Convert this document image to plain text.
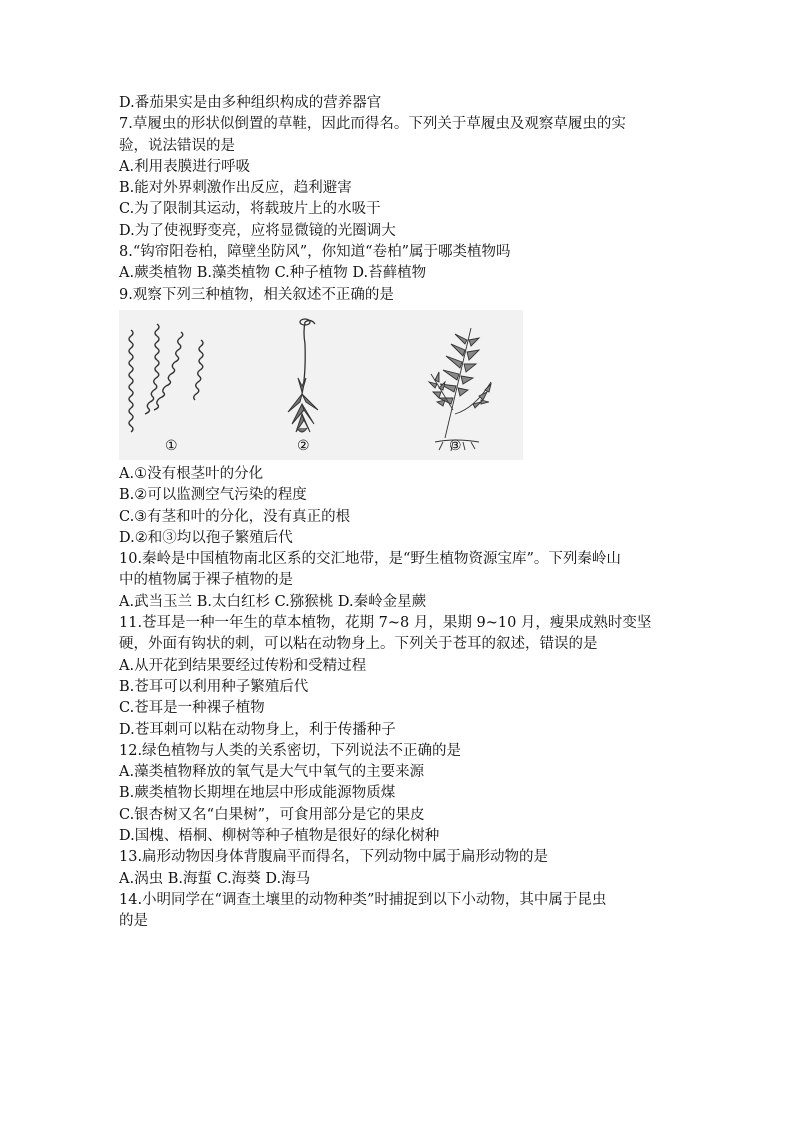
D.番茄果实是由多种组织构成的营养器官
7.草履虫的形状似倒置的草鞋，因此而得名。下列关于草履虫及观察草履虫的实
验，说法错误的是
A.利用表膜进行呼吸
B.能对外界刺激作出反应，趋利避害
C.为了限制其运动，将载玻片上的水吸干
D.为了使视野变亮，应将显微镜的光圈调大
8.“钩帘阳卷柏，障壁坐防风”，你知道“卷柏”属于哪类植物吗
A.蕨类植物 B.藻类植物 C.种子植物 D.苔藓植物
9.观察下列三种植物，相关叙述不正确的是
①	②	③
A.①没有根茎叶的分化
B.②可以监测空气污染的程度
C.③有茎和叶的分化，没有真正的根
D.②和③均以孢子繁殖后代
10.秦岭是中国植物南北区系的交汇地带，是“野生植物资源宝库”。下列秦岭山
中的植物属于裸子植物的是
A.武当玉兰 B.太白红杉 C.猕猴桃 D.秦岭金星蕨
11.苍耳是一种一年生的草本植物，花期 7~8 月，果期 9~10 月，瘦果成熟时变坚
硬，外面有钩状的刺，可以粘在动物身上。下列关于苍耳的叙述，错误的是
A.从开花到结果要经过传粉和受精过程
B.苍耳可以利用种子繁殖后代
C.苍耳是一种裸子植物
D.苍耳刺可以粘在动物身上，利于传播种子
12.绿色植物与人类的关系密切，下列说法不正确的是
A.藻类植物释放的氧气是大气中氧气的主要来源
B.蕨类植物长期埋在地层中形成能源物质煤
C.银杏树又名“白果树”，可食用部分是它的果皮
D.国槐、梧桐、柳树等种子植物是很好的绿化树种
13.扁形动物因身体背腹扁平而得名，下列动物中属于扁形动物的是
A.涡虫 B.海蜇 C.海葵 D.海马
14.小明同学在“调查土壤里的动物种类”时捕捉到以下小动物，其中属于昆虫
的是
